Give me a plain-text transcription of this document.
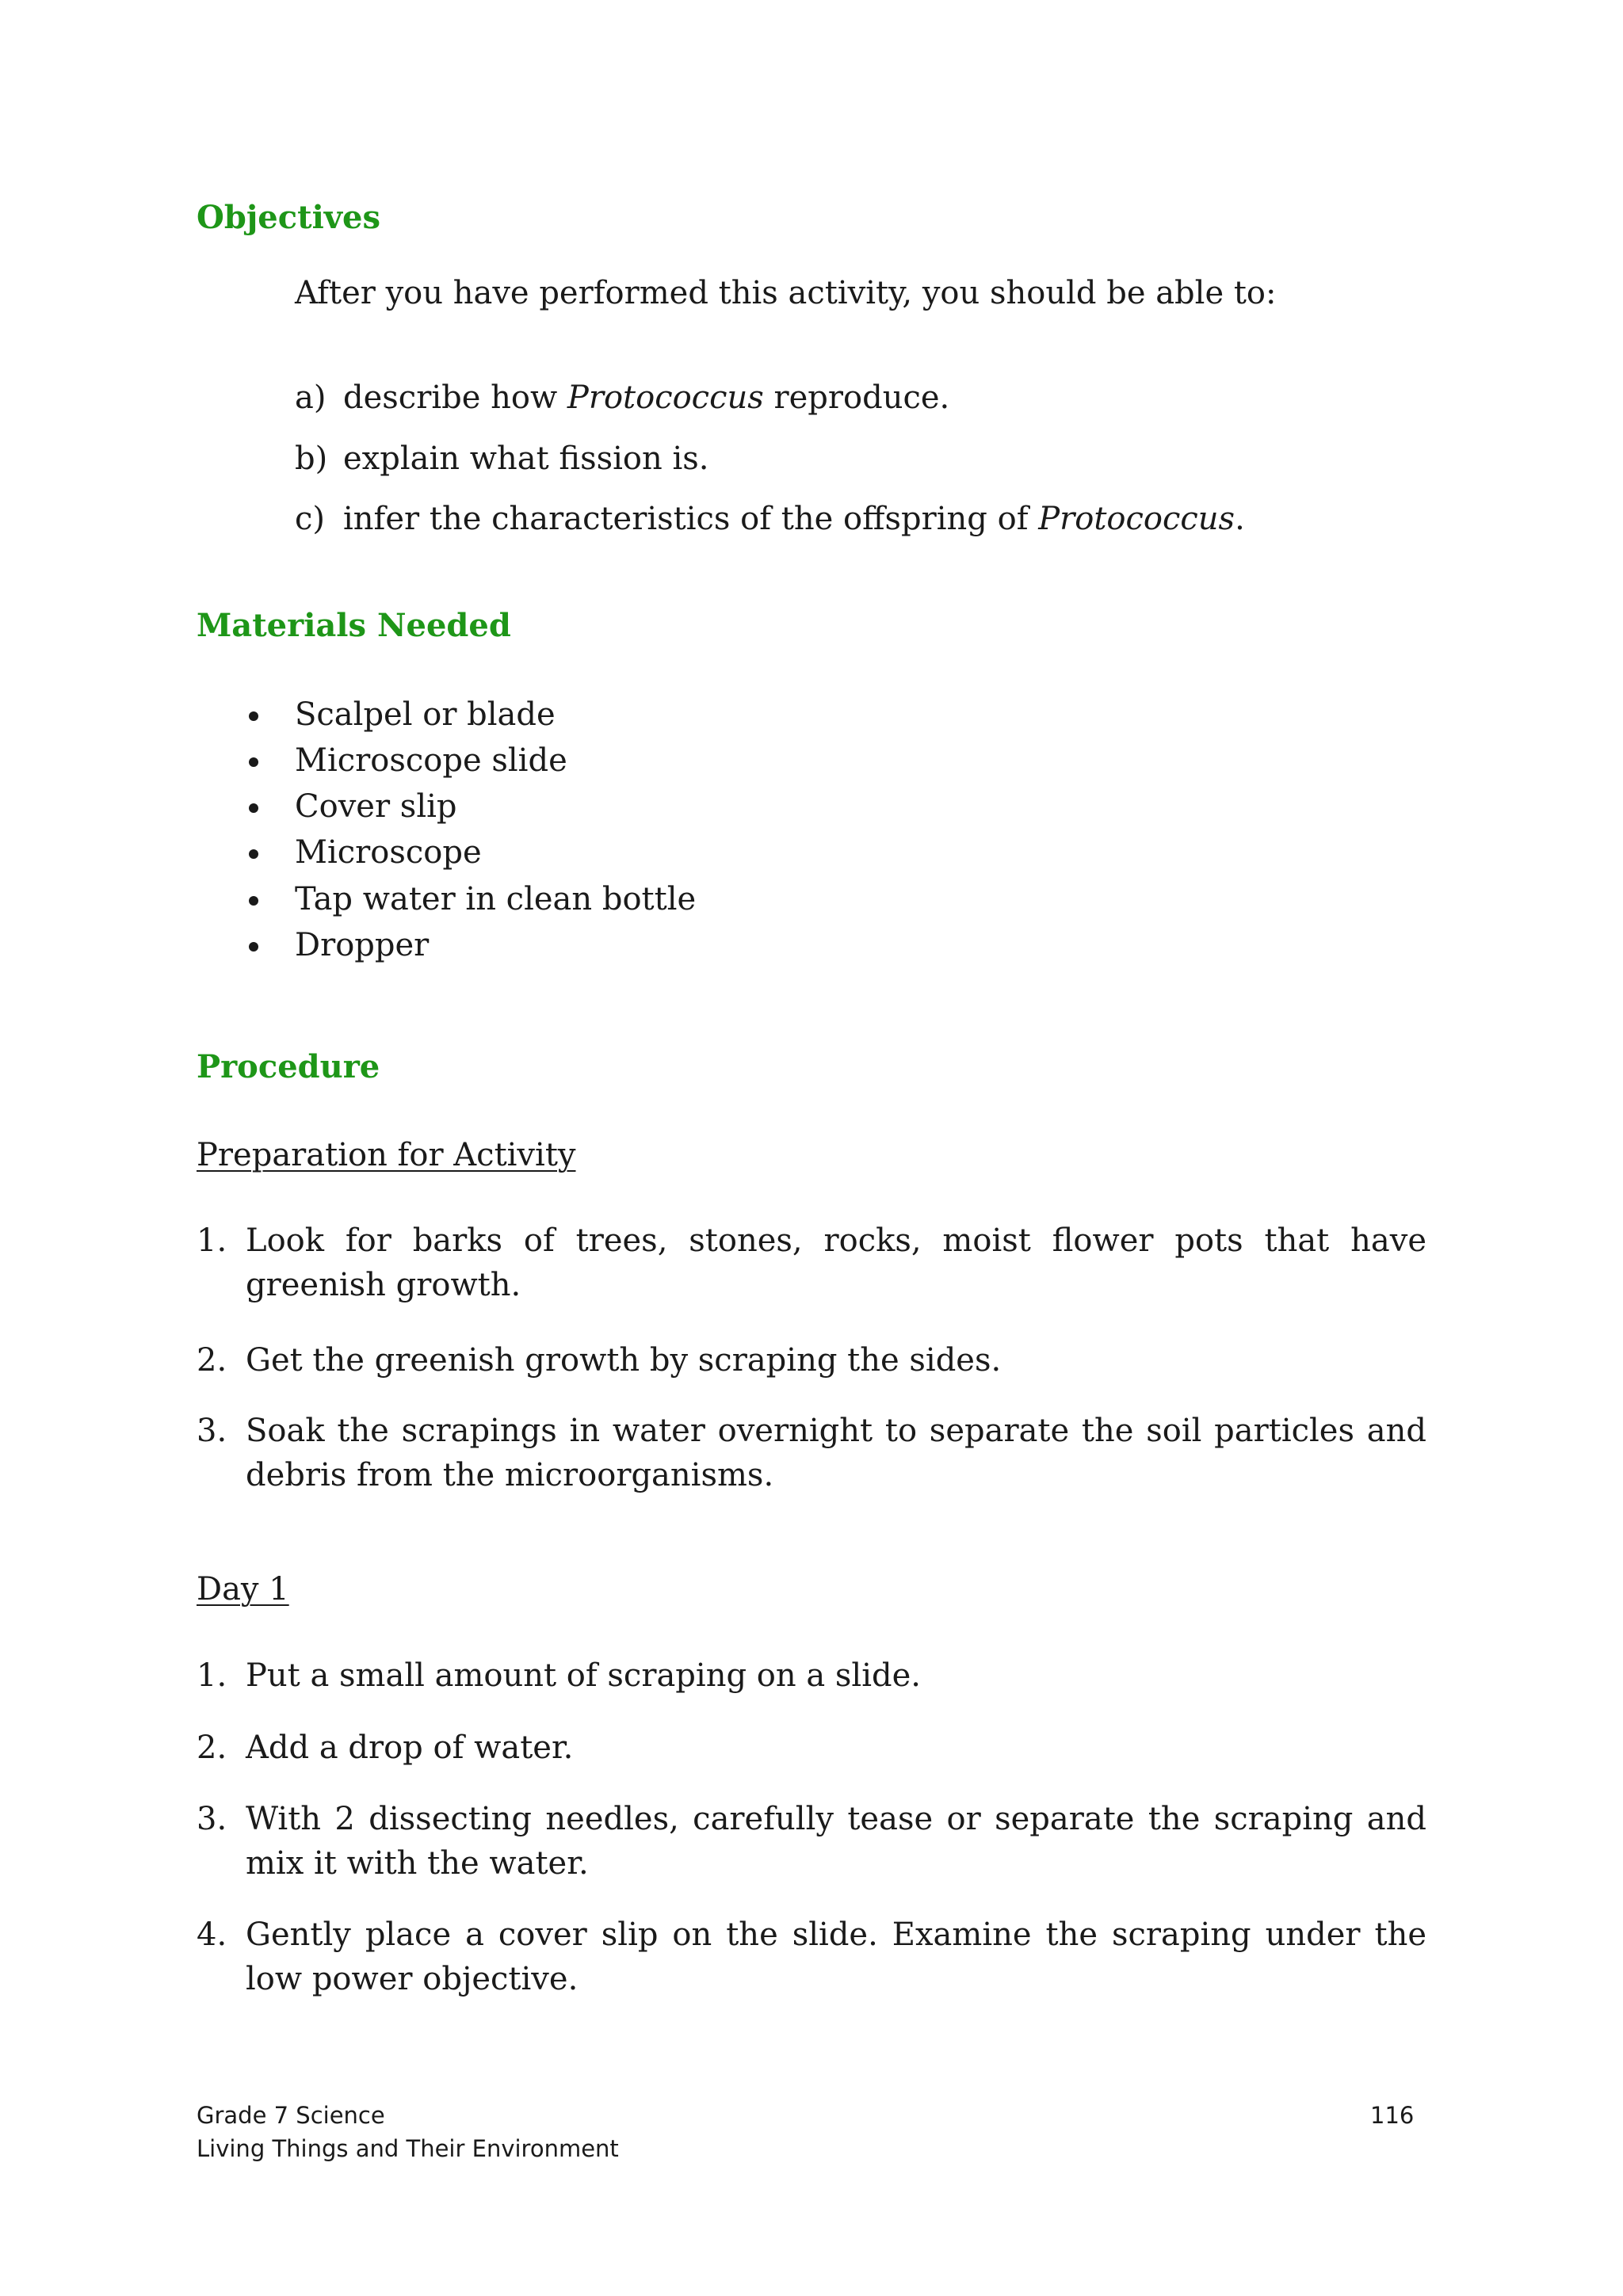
Objectives

After you have performed this activity, you should be able to:

a) describe how Protococcus reproduce.
b) explain what fission is.
c) infer the characteristics of the offspring of Protococcus.
Materials Needed
Scalpel or blade
Microscope slide
Cover slip
Microscope
Tap water in clean bottle
Dropper
Procedure

Preparation for Activity

1. Look for barks of trees, stones, rocks, moist flower pots that have greenish growth.
2. Get the greenish growth by scraping the sides.
3. Soak the scrapings in water overnight to separate the soil particles and debris from the microorganisms.

Day 1

1. Put a small amount of scraping on a slide.
2. Add a drop of water.
3. With 2 dissecting needles, carefully tease or separate the scraping and mix it with the water.
4. Gently place a cover slip on the slide. Examine the scraping under the low power objective.
Grade 7 Science
Living Things and Their Environment
116
